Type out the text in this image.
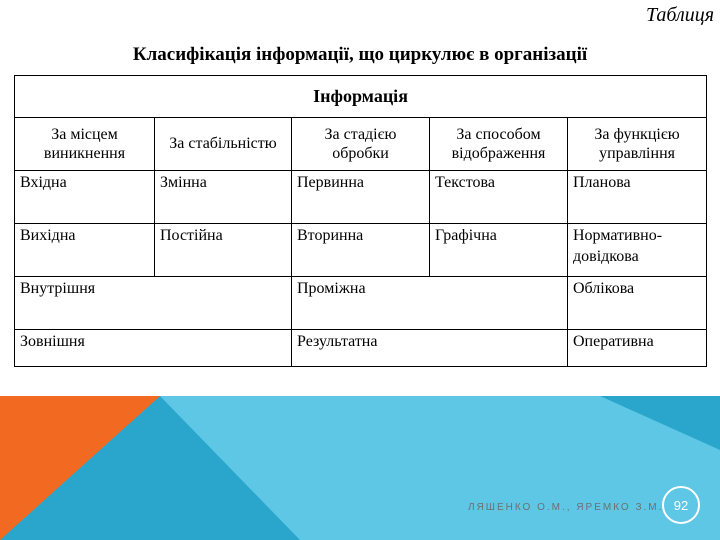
Таблиця
Класифікація інформації, що циркулює в організації
Інформація				
За місцем виникнення	За стабільністю	За стадією обробки	За способом відображення	За функцією управління
Вхідна	Змінна	Первинна	Текстова	Планова
Вихідна	Постійна	Вторинна	Графічна	Нормативно-довідкова
Внутрішня		Проміжна		Облікова
Зовнішня		Результатна		Оперативна
ЛЯШЕНКО О.М., ЯРЕМКО З.М. 92
